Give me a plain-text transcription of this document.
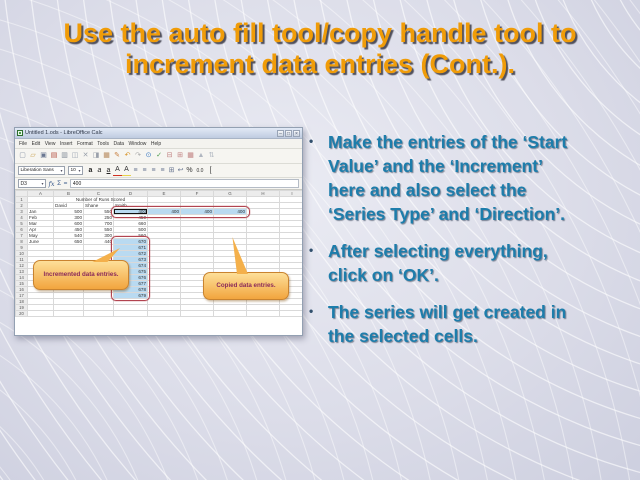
Use the auto fill tool/copy handle tool to increment data entries (Cont.).
Untitled 1.ods - LibreOffice Calc	–	□	×
File Edit View Insert Format Tools Data Window Help
▢ ▱ ▣ ▤ ▥ ◫ ✕ ◨ ▦ ✎ ↶ ↷ ⊙ ✓ ⊟ ⊞ ▦ ▲ ⇅
Liberation Sans ▾ 10 ▾	a a a A A ≡ ≡ ≡ ≡ ⊞ ↩ % 0.0 [
D3	▾ fx Σ =	400
	A	B	C	D	E	F	G	H	I
1									
2		David	Shane	Smith					
3	Jan	500	550	400	400	400	400		
4	Feb	300	250	450					
5	Mar	600	700	660					
6	Apr	450	550	500					
7	May	540	300	560					
8	June	650	440	670					
9				671					
10				672					
11				673					
12				674					
13				675					
14				676					
15				677					
16				678					
17				679					
18									
19									
20									
Number of Runs Scored
Incremented data entries.
Copied data entries.
• Make the entries of the ‘Start Value’ and the ‘Increment’ here and also select the ‘Series Type’ and ‘Direction’.
• After selecting everything, click on ‘OK’.
• The series will get created in the selected cells.
